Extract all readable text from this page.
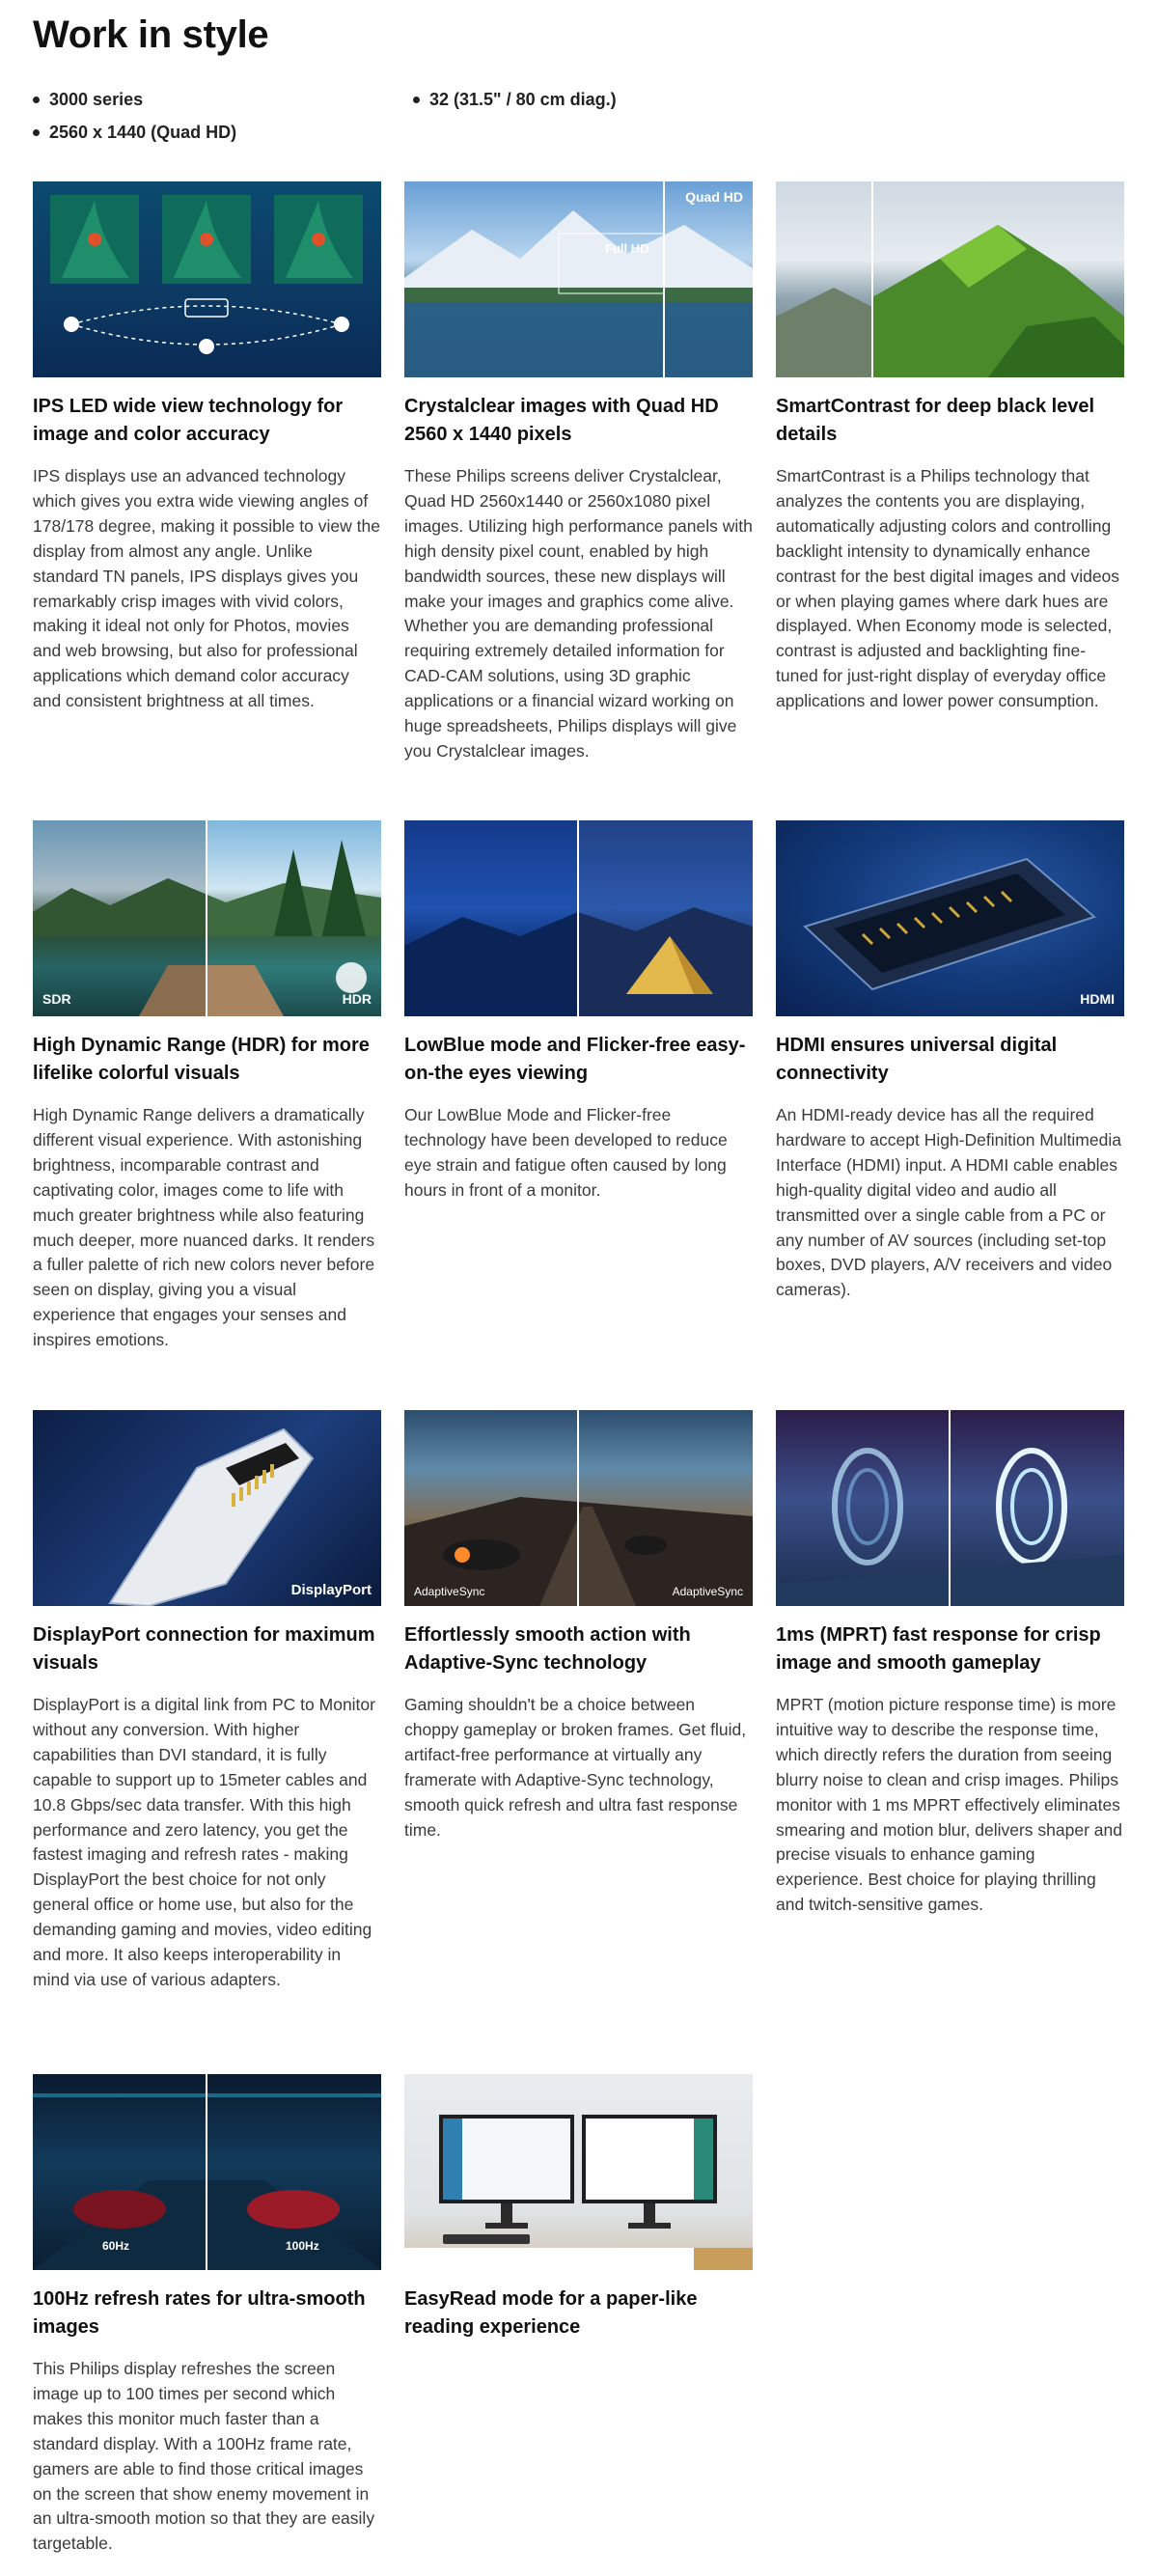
Work in style
3000 series	32 (31.5" / 80 cm diag.)
2560 x 1440 (Quad HD)
IPS LED wide view technology for image and color accuracy

IPS displays use an advanced technology which gives you extra wide viewing angles of 178/178 degree, making it possible to view the display from almost any angle. Unlike standard TN panels, IPS displays gives you remarkably crisp images with vivid colors, making it ideal not only for Photos, movies and web browsing, but also for professional applications which demand color accuracy and consistent brightness at all times.

Quad HD
Full HD
Crystalclear images with Quad HD 2560 x 1440 pixels

These Philips screens deliver Crystalclear, Quad HD 2560x1440 or 2560x1080 pixel images. Utilizing high performance panels with high density pixel count, enabled by high bandwidth sources, these new displays will make your images and graphics come alive. Whether you are demanding professional requiring extremely detailed information for CAD-CAM solutions, using 3D graphic applications or a financial wizard working on huge spreadsheets, Philips displays will give you Crystalclear images.

SmartContrast for deep black level details

SmartContrast is a Philips technology that analyzes the contents you are displaying, automatically adjusting colors and controlling backlight intensity to dynamically enhance contrast for the best digital images and videos or when playing games where dark hues are displayed. When Economy mode is selected, contrast is adjusted and backlighting fine-tuned for just-right display of everyday office applications and lower power consumption.

SDR	HDR
High Dynamic Range (HDR) for more lifelike colorful visuals

High Dynamic Range delivers a dramatically different visual experience. With astonishing brightness, incomparable contrast and captivating color, images come to life with much greater brightness while also featuring much deeper, more nuanced darks. It renders a fuller palette of rich new colors never before seen on display, giving you a visual experience that engages your senses and inspires emotions.

LowBlue mode and Flicker-free easy-on-the eyes viewing

Our LowBlue Mode and Flicker-free technology have been developed to reduce eye strain and fatigue often caused by long hours in front of a monitor.

HDMI
HDMI ensures universal digital connectivity

An HDMI-ready device has all the required hardware to accept High-Definition Multimedia Interface (HDMI) input. A HDMI cable enables high-quality digital video and audio all transmitted over a single cable from a PC or any number of AV sources (including set-top boxes, DVD players, A/V receivers and video cameras).

DisplayPort
DisplayPort connection for maximum visuals

DisplayPort is a digital link from PC to Monitor without any conversion. With higher capabilities than DVI standard, it is fully capable to support up to 15meter cables and 10.8 Gbps/sec data transfer. With this high performance and zero latency, you get the fastest imaging and refresh rates - making DisplayPort the best choice for not only general office or home use, but also for the demanding gaming and movies, video editing and more. It also keeps interoperability in mind via use of various adapters.

AdaptiveSync	AdaptiveSync
Effortlessly smooth action with Adaptive-Sync technology

Gaming shouldn't be a choice between choppy gameplay or broken frames. Get fluid, artifact-free performance at virtually any framerate with Adaptive-Sync technology, smooth quick refresh and ultra fast response time.

1ms (MPRT) fast response for crisp image and smooth gameplay

MPRT (motion picture response time) is more intuitive way to describe the response time, which directly refers the duration from seeing blurry noise to clean and crisp images. Philips monitor with 1 ms MPRT effectively eliminates smearing and motion blur, delivers shaper and precise visuals to enhance gaming experience. Best choice for playing thrilling and twitch-sensitive games.

60Hz	100Hz
100Hz refresh rates for ultra-smooth images

This Philips display refreshes the screen image up to 100 times per second which makes this monitor much faster than a standard display. With a 100Hz frame rate, gamers are able to find those critical images on the screen that show enemy movement in an ultra-smooth motion so that they are easily targetable.

EasyRead mode for a paper-like reading experience
